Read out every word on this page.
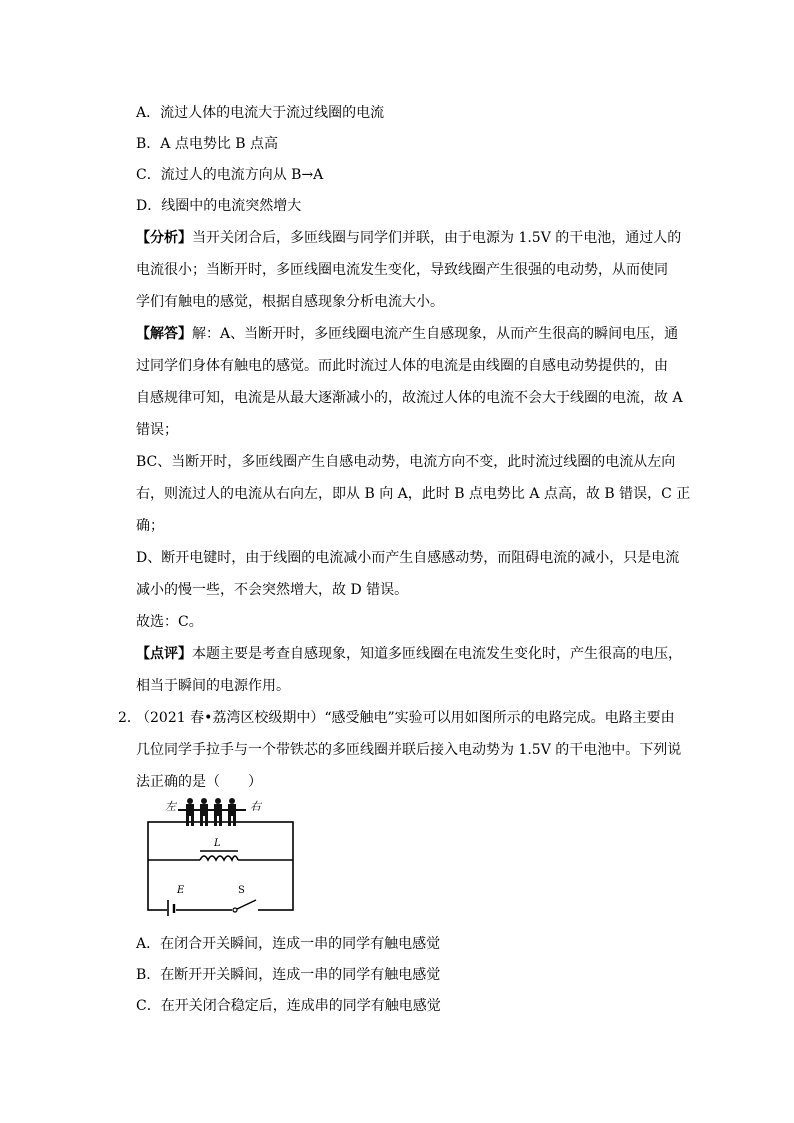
A．流过人体的电流大于流过线圈的电流
B．A 点电势比 B 点高
C．流过人的电流方向从 B→A
D．线圈中的电流突然增大
【分析】当开关闭合后，多匝线圈与同学们并联，由于电源为 1.5V 的干电池，通过人的
电流很小；当断开时，多匝线圈电流发生变化，导致线圈产生很强的电动势，从而使同
学们有触电的感觉，根据自感现象分析电流大小。
【解答】解：A、当断开时，多匝线圈电流产生自感现象，从而产生很高的瞬间电压，通
过同学们身体有触电的感觉。而此时流过人体的电流是由线圈的自感电动势提供的，由
自感规律可知，电流是从最大逐渐减小的，故流过人体的电流不会大于线圈的电流，故 A
错误；
BC、当断开时，多匝线圈产生自感电动势，电流方向不变，此时流过线圈的电流从左向
右，则流过人的电流从右向左，即从 B 向 A，此时 B 点电势比 A 点高，故 B 错误，C 正
确；
D、断开电键时，由于线圈的电流减小而产生自感感动势，而阻碍电流的减小，只是电流
减小的慢一些，不会突然增大，故 D 错误。
故选：C。
【点评】本题主要是考查自感现象，知道多匝线圈在电流发生变化时，产生很高的电压，
相当于瞬间的电源作用。
2．
（2021 春•荔湾区校级期中）“感受触电”实验可以用如图所示的电路完成。电路主要由
几位同学手拉手与一个带铁芯的多匝线圈并联后接入电动势为 1.5V 的干电池中。下列说
法正确的是（　　）
左	右
L
E	S
A．在闭合开关瞬间，连成一串的同学有触电感觉
B．在断开开关瞬间，连成一串的同学有触电感觉
C．在开关闭合稳定后，连成串的同学有触电感觉
